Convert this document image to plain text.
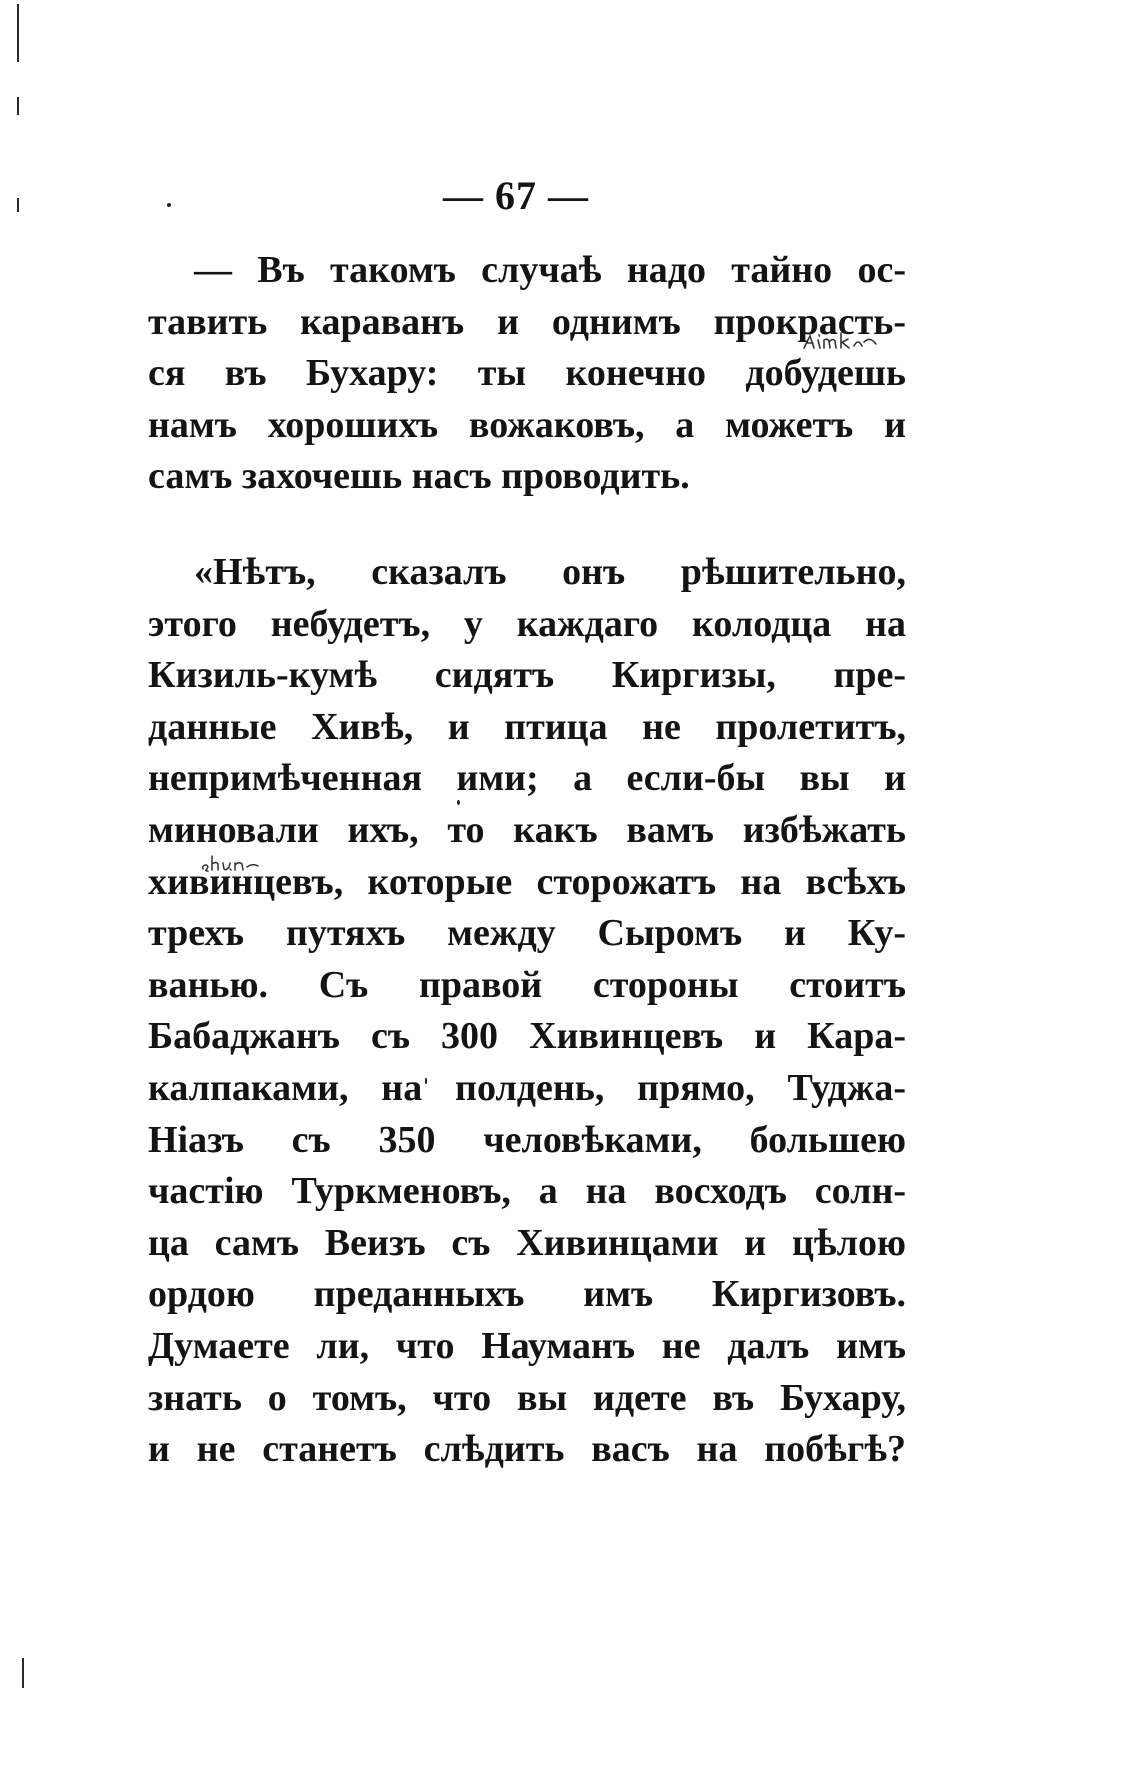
— 67 —
— Въ такомъ случаѣ надо тайно ос-
тавить караванъ и однимъ прокрасть-
ся въ Бухару: ты конечно добудешь
намъ хорошихъ вожаковъ, а можетъ и
самъ захочешь насъ проводить.
«Нѣтъ, сказалъ онъ рѣшительно,
этого небудетъ, у каждаго колодца на
Кизиль-кумѣ сидятъ Киргизы, пре-
данные Хивѣ, и птица не пролетитъ,
непримѣченная ими; а если-бы вы и
миновали ихъ, то какъ вамъ избѣжать
хивинцевъ, которые сторожатъ на всѣхъ
трехъ путяхъ между Сыромъ и Ку-
ванью. Съ правой стороны стоитъ
Бабаджанъ съ 300 Хивинцевъ и Кара-
калпаками, на полдень, прямо, Туджа-
Ніазъ съ 350 человѣками, большею
частію Туркменовъ, а на восходъ солн-
ца самъ Веизъ съ Хивинцами и цѣлою
ордою преданныхъ имъ Киргизовъ.
Думаете ли, что Науманъ не далъ имъ
знать о томъ, что вы идете въ Бухару,
и не станетъ слѣдить васъ на побѣгѣ?
